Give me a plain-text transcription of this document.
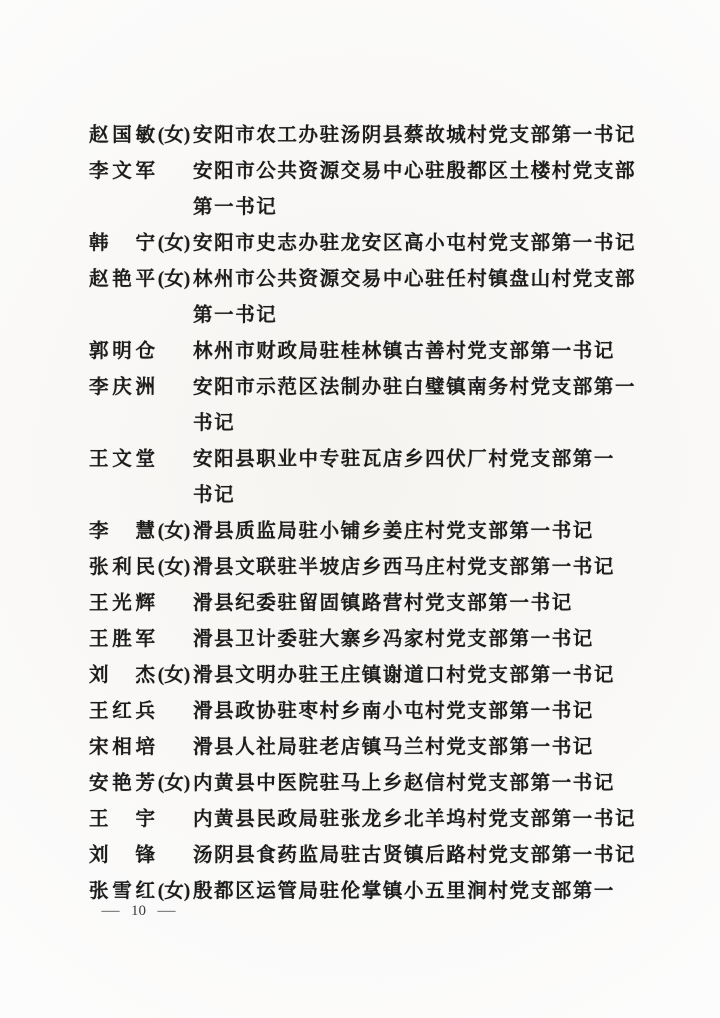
赵国敏 (女) 安阳市农工办驻汤阴县蔡故城村党支部第一书记
李文军 安阳市公共资源交易中心驻殷都区土楼村党支部
第一书记
韩宁 (女) 安阳市史志办驻龙安区高小屯村党支部第一书记
赵艳平 (女) 林州市公共资源交易中心驻任村镇盘山村党支部
第一书记
郭明仓 林州市财政局驻桂林镇古善村党支部第一书记
李庆洲 安阳市示范区法制办驻白璧镇南务村党支部第一
书记
王文堂 安阳县职业中专驻瓦店乡四伏厂村党支部第一
书记
李慧 (女) 滑县质监局驻小铺乡姜庄村党支部第一书记
张利民 (女) 滑县文联驻半坡店乡西马庄村党支部第一书记
王光辉 滑县纪委驻留固镇路营村党支部第一书记
王胜军 滑县卫计委驻大寨乡冯家村党支部第一书记
刘杰 (女) 滑县文明办驻王庄镇谢道口村党支部第一书记
王红兵 滑县政协驻枣村乡南小屯村党支部第一书记
宋相培 滑县人社局驻老店镇马兰村党支部第一书记
安艳芳 (女) 内黄县中医院驻马上乡赵信村党支部第一书记
王宇 内黄县民政局驻张龙乡北羊坞村党支部第一书记
刘锋 汤阴县食药监局驻古贤镇后路村党支部第一书记
张雪红 (女) 殷都区运管局驻伦掌镇小五里涧村党支部第一
— 10 —
